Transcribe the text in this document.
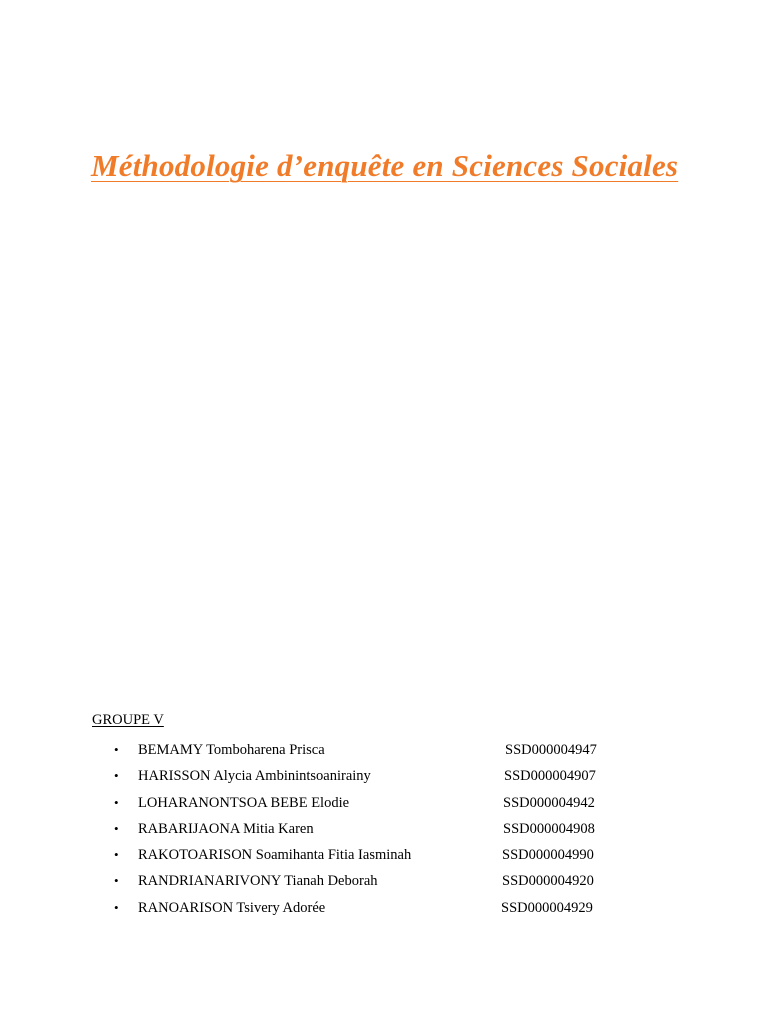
Méthodologie d’enquête en Sciences Sociales
GROUPE V
• BEMAMY Tomboharena Prisca	SSD000004947
• HARISSON Alycia Ambinintsoanirainy	SSD000004907
• LOHARANONTSOA BEBE Elodie	SSD000004942
• RABARIJAONA Mitia Karen	SSD000004908
• RAKOTOARISON Soamihanta Fitia Iasminah	SSD000004990
• RANDRIANARIVONY Tianah Deborah	SSD000004920
• RANOARISON Tsivery Adorée	SSD000004929
